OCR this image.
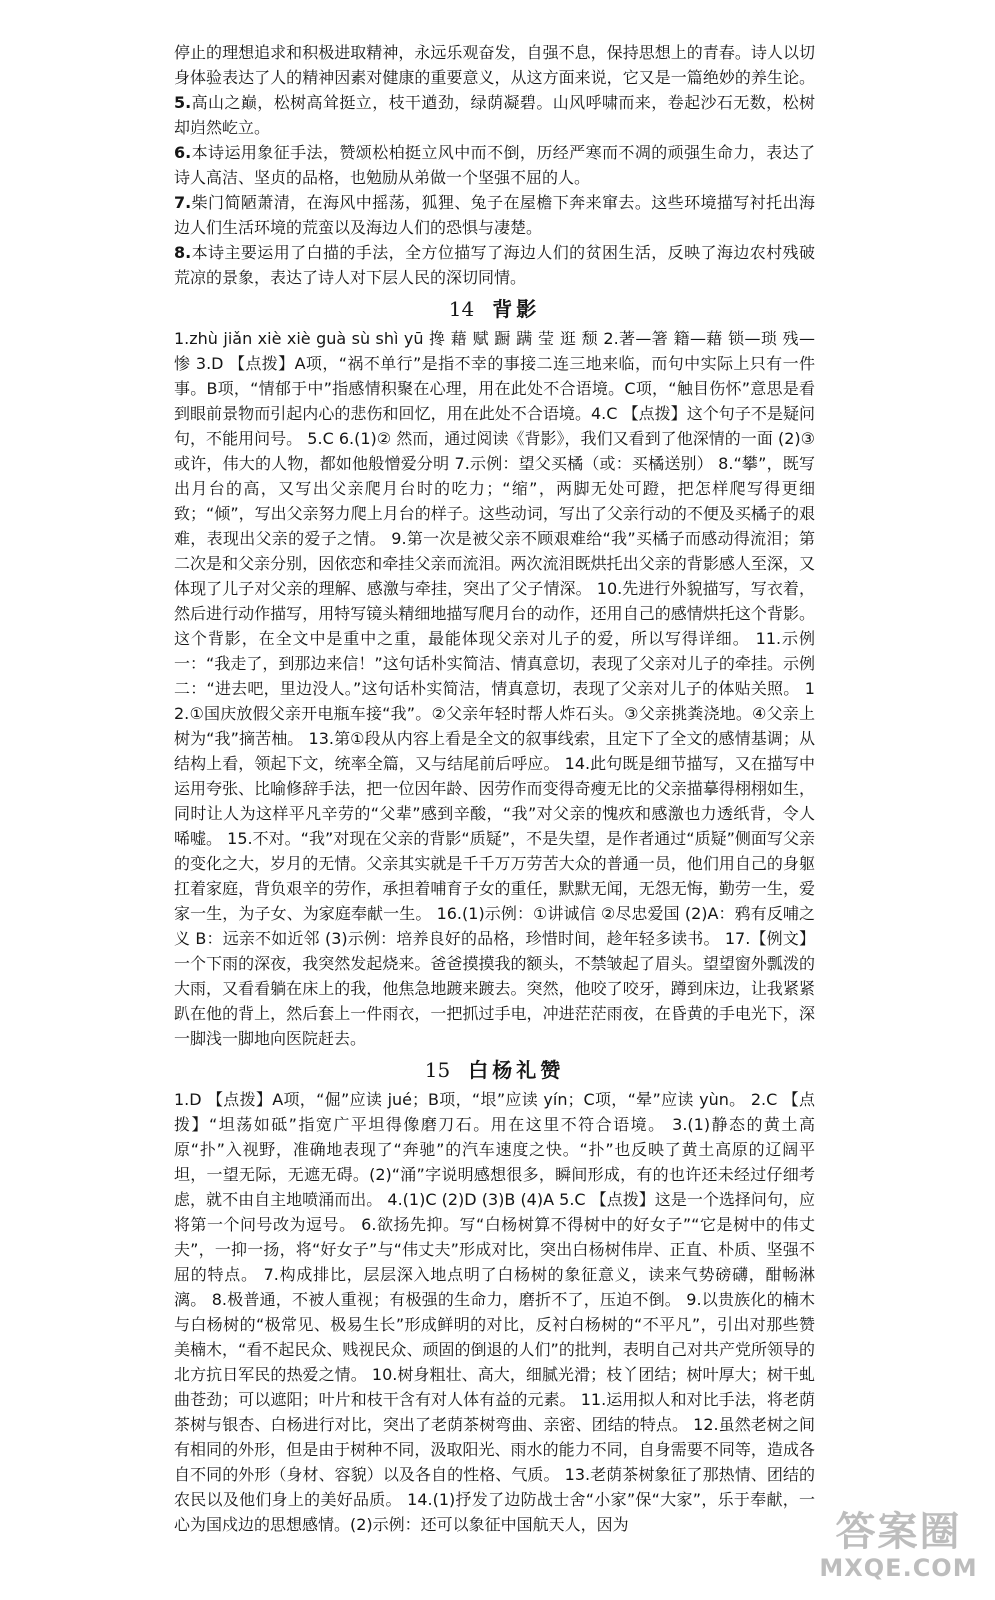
停止的理想追求和积极进取精神，永远乐观奋发，自强不息，保持思想上的青春。诗人以切身体验表达了人的精神因素对健康的重要意义，从这方面来说，它又是一篇绝妙的养生论。5.高山之巅，松树高耸挺立，枝干遒劲，绿荫凝碧。山风呼啸而来，卷起沙石无数，松树却岿然屹立。
6.本诗运用象征手法，赞颂松柏挺立风中而不倒，历经严寒而不凋的顽强生命力，表达了诗人高洁、坚贞的品格，也勉励从弟做一个坚强不屈的人。
7.柴门简陋萧清，在海风中摇荡，狐狸、兔子在屋檐下奔来窜去。这些环境描写衬托出海边人们生活环境的荒蛮以及海边人们的恐惧与凄楚。
8.本诗主要运用了白描的手法，全方位描写了海边人们的贫困生活，反映了海边农村残破荒凉的景象，表达了诗人对下层人民的深切同情。

14 背影

1.zhù jiǎn xiè xiè guà sù shì yū 搀 藉 赋 蹰 蹒 莹 逛 颓 2.著—箸 籍—藉 锁—琐 残—惨 3.D 【点拨】A项，“祸不单行”是指不幸的事接二连三地来临，而句中实际上只有一件事。B项，“情郁于中”指感情积聚在心理，用在此处不合语境。C项，“触目伤怀”意思是看到眼前景物而引起内心的悲伤和回忆，用在此处不合语境。4.C 【点拨】这个句子不是疑问句，不能用问号。 5.C 6.(1)② 然而，通过阅读《背影》，我们又看到了他深情的一面 (2)③ 或许，伟大的人物，都如他般憎爱分明 7.示例：望父买橘（或：买橘送别） 8.“攀”，既写出月台的高，又写出父亲爬月台时的吃力；“缩”，两脚无处可蹬，把怎样爬写得更细致；“倾”，写出父亲努力爬上月台的样子。这些动词，写出了父亲行动的不便及买橘子的艰难，表现出父亲的爱子之情。 9.第一次是被父亲不顾艰难给“我”买橘子而感动得流泪；第二次是和父亲分别，因依恋和牵挂父亲而流泪。两次流泪既烘托出父亲的背影感人至深，又体现了儿子对父亲的理解、感激与牵挂，突出了父子情深。 10.先进行外貌描写，写衣着，然后进行动作描写，用特写镜头精细地描写爬月台的动作，还用自己的感情烘托这个背影。 这个背影，在全文中是重中之重，最能体现父亲对儿子的爱，所以写得详细。 11.示例一：“我走了，到那边来信！”这句话朴实简洁、情真意切，表现了父亲对儿子的牵挂。示例二：“进去吧，里边没人。”这句话朴实简洁，情真意切，表现了父亲对儿子的体贴关照。 12.①国庆放假父亲开电瓶车接“我”。②父亲年轻时帮人炸石头。③父亲挑粪浇地。④父亲上树为“我”摘苦柚。 13.第①段从内容上看是全文的叙事线索，且定下了全文的感情基调；从结构上看，领起下文，统率全篇，又与结尾前后呼应。 14.此句既是细节描写，又在描写中运用夸张、比喻修辞手法，把一位因年龄、因劳作而变得奇瘦无比的父亲描摹得栩栩如生，同时让人为这样平凡辛劳的“父辈”感到辛酸，“我”对父亲的愧疚和感激也力透纸背，令人唏嘘。 15.不对。“我”对现在父亲的背影“质疑”，不是失望，是作者通过“质疑”侧面写父亲的变化之大，岁月的无情。父亲其实就是千千万万劳苦大众的普通一员，他们用自己的身躯扛着家庭，背负艰辛的劳作，承担着哺育子女的重任，默默无闻，无怨无悔，勤劳一生，爱家一生，为子女、为家庭奉献一生。 16.(1)示例：①讲诚信 ②尽忠爱国 (2)A：鸦有反哺之义 B：远亲不如近邻 (3)示例：培养良好的品格，珍惜时间，趁年轻多读书。 17.【例文】一个下雨的深夜，我突然发起烧来。爸爸摸摸我的额头，不禁皱起了眉头。望望窗外瓢泼的大雨，又看看躺在床上的我，他焦急地踱来踱去。突然，他咬了咬牙，蹲到床边，让我紧紧趴在他的背上，然后套上一件雨衣，一把抓过手电，冲进茫茫雨夜，在昏黄的手电光下，深一脚浅一脚地向医院赶去。

15 白杨礼赞

1.D 【点拨】A项，“倔”应读 jué；B项，“垠”应读 yín；C项，“晕”应读 yùn。 2.C 【点拨】“坦荡如砥”指宽广平坦得像磨刀石。用在这里不符合语境。 3.(1)静态的黄土高原“扑”入视野，准确地表现了“奔驰”的汽车速度之快。“扑”也反映了黄土高原的辽阔平坦，一望无际，无遮无碍。(2)“涌”字说明感想很多，瞬间形成，有的也许还未经过仔细考虑，就不由自主地喷涌而出。 4.(1)C (2)D (3)B (4)A 5.C 【点拨】这是一个选择问句，应将第一个问号改为逗号。 6.欲扬先抑。写“白杨树算不得树中的好女子”“它是树中的伟丈夫”，一抑一扬，将“好女子”与“伟丈夫”形成对比，突出白杨树伟岸、正直、朴质、坚强不屈的特点。 7.构成排比，层层深入地点明了白杨树的象征意义，读来气势磅礴，酣畅淋漓。 8.极普通，不被人重视；有极强的生命力，磨折不了，压迫不倒。 9.以贵族化的楠木与白杨树的“极常见、极易生长”形成鲜明的对比，反衬白杨树的“不平凡”，引出对那些赞美楠木，“看不起民众、贱视民众、顽固的倒退的人们”的批判，表明自己对共产党所领导的北方抗日军民的热爱之情。 10.树身粗壮、高大，细腻光滑；枝丫团结；树叶厚大；树干虬曲苍劲；可以遮阳；叶片和枝干含有对人体有益的元素。 11.运用拟人和对比手法，将老荫茶树与银杏、白杨进行对比，突出了老荫茶树弯曲、亲密、团结的特点。 12.虽然老树之间有相同的外形，但是由于树种不同，汲取阳光、雨水的能力不同，自身需要不同等，造成各自不同的外形（身材、容貌）以及各自的性格、气质。 13.老荫茶树象征了那热情、团结的农民以及他们身上的美好品质。 14.(1)抒发了边防战士舍“小家”保“大家”，乐于奉献，一心为国戍边的思想感情。(2)示例：还可以象征中国航天人，因为	答案圈
MXQE.COM
